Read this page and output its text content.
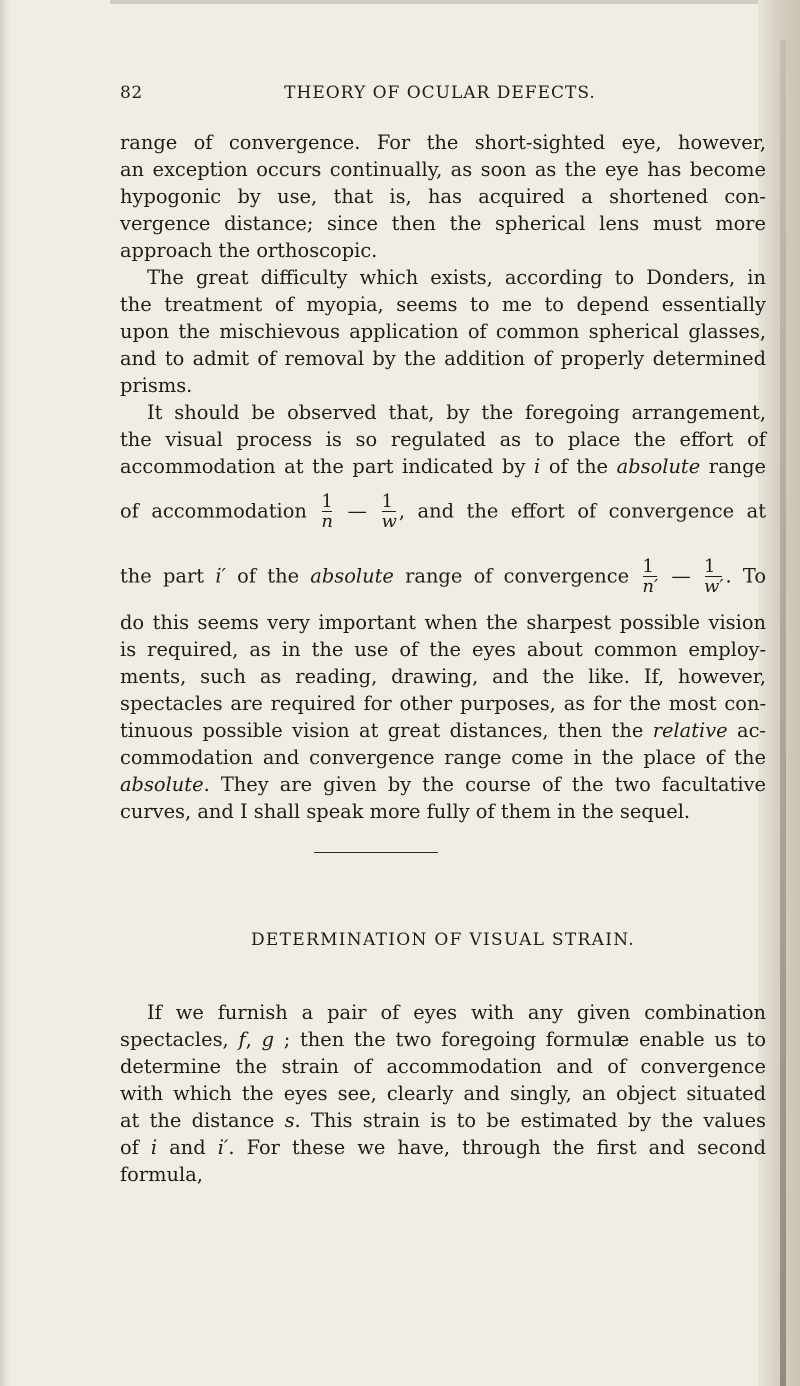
82	THEORY OF OCULAR DEFECTS.
range of convergence. For the short-sighted eye, however,
an exception occurs continually, as soon as the eye has become
hypogonic by use, that is, has acquired a shortened con-
vergence distance; since then the spherical lens must more
approach the orthoscopic.
The great difficulty which exists, according to Donders, in
the treatment of myopia, seems to me to depend essentially
upon the mischievous application of common spherical glasses,
and to admit of removal by the addition of properly determined
prisms.
It should be observed that, by the foregoing arrangement,
the visual process is so regulated as to place the effort of
accommodation at the part indicated by i of the absolute range
of accommodation $\frac{1}{n}$ — $\frac{1}{w}$ , and the effort of convergence at
the part i′ of the absolute range of convergence $\frac{1}{n'}$ — $\frac{1}{w'}$ . To
do this seems very important when the sharpest possible vision
is required, as in the use of the eyes about common employ-
ments, such as reading, drawing, and the like. If, however,
spectacles are required for other purposes, as for the most con-
tinuous possible vision at great distances, then the relative ac-
commodation and convergence range come in the place of the
absolute. They are given by the course of the two facultative
curves, and I shall speak more fully of them in the sequel.
DETERMINATION OF VISUAL STRAIN.
If we furnish a pair of eyes with any given combination
spectacles, f, g ; then the two foregoing formulæ enable us to
determine the strain of accommodation and of convergence
with which the eyes see, clearly and singly, an object situated
at the distance s. This strain is to be estimated by the values
of i and i′. For these we have, through the first and second
formula,
